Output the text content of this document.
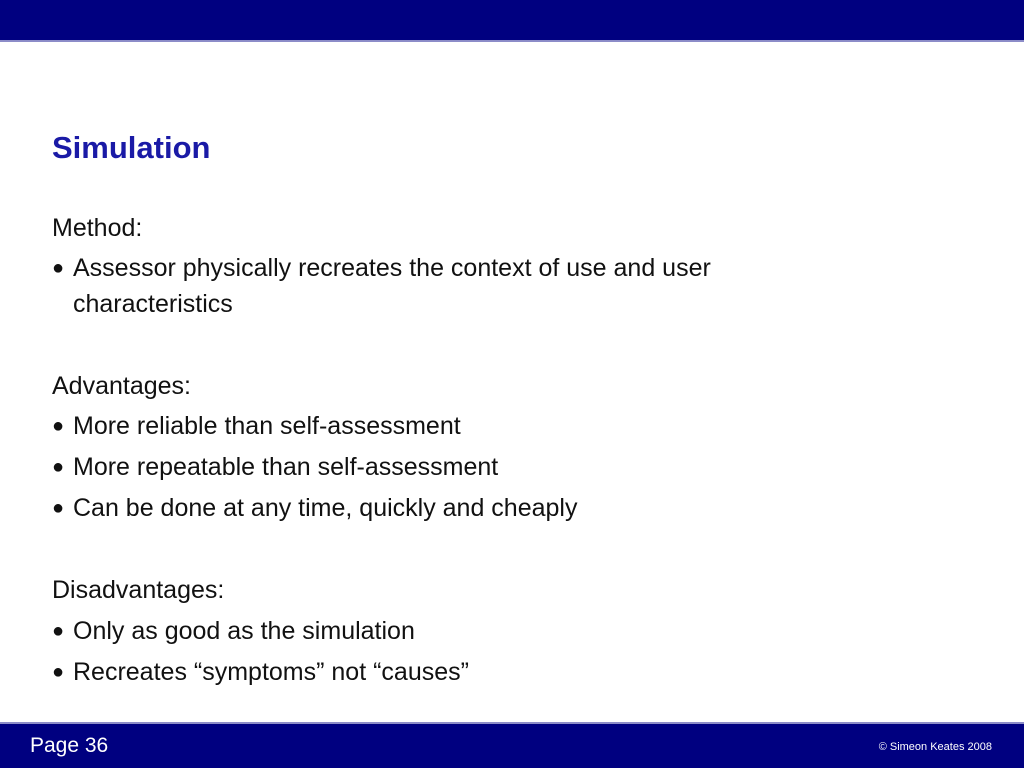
Simulation
Method:
● Assessor physically recreates the context of use and user characteristics
Advantages:
● More reliable than self-assessment
● More repeatable than self-assessment
● Can be done at any time, quickly and cheaply
Disadvantages:
● Only as good as the simulation
● Recreates “symptoms” not “causes”
Page 36	© Simeon Keates 2008
